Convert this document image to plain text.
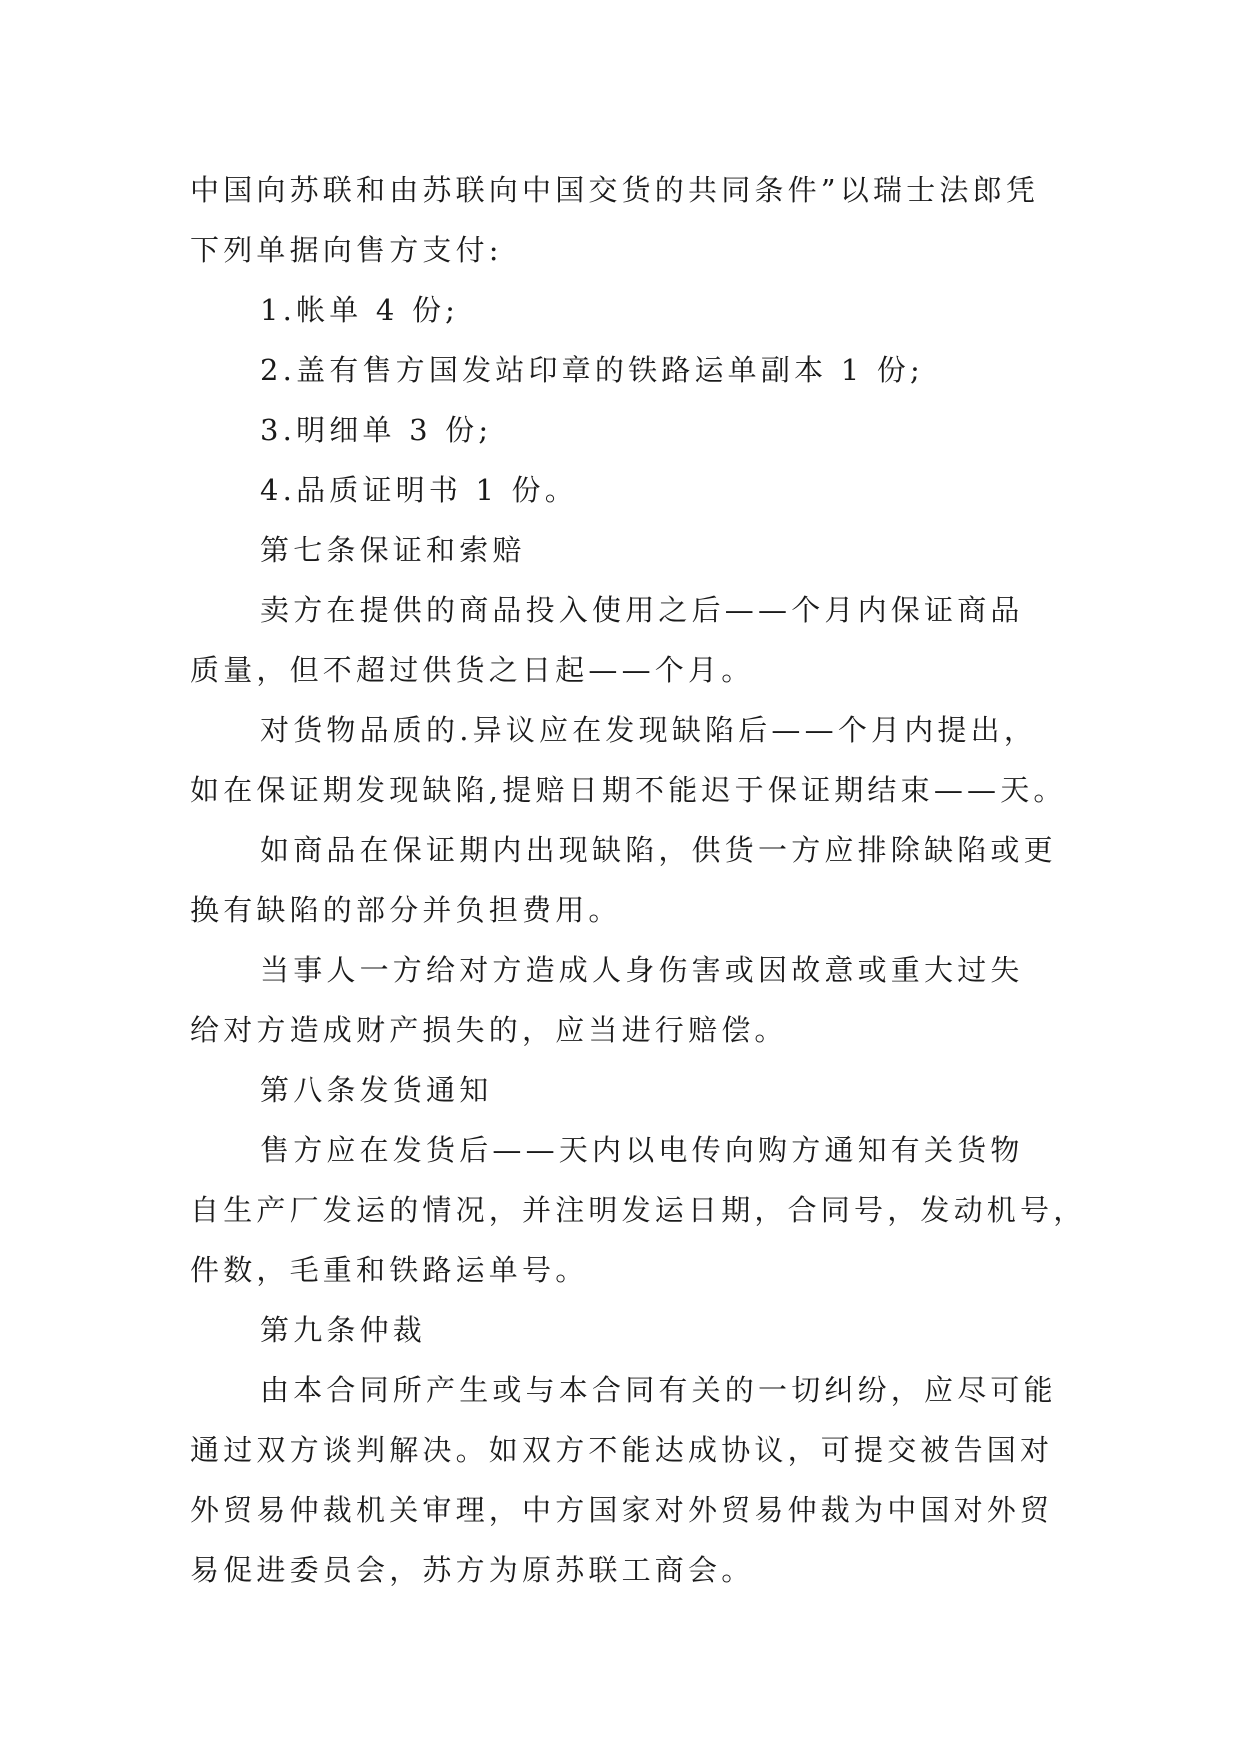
中国向苏联和由苏联向中国交货的共同条件”以瑞士法郎凭
下列单据向售方支付:
1.帐单 4 份;
2.盖有售方国发站印章的铁路运单副本 1 份;
3.明细单 3 份;
4.品质证明书 1 份。
第七条保证和索赔
卖方在提供的商品投入使用之后——个月内保证商品
质量，但不超过供货之日起——个月。
对货物品质的.异议应在发现缺陷后——个月内提出，
如在保证期发现缺陷,提赔日期不能迟于保证期结束——天。
如商品在保证期内出现缺陷，供货一方应排除缺陷或更
换有缺陷的部分并负担费用。
当事人一方给对方造成人身伤害或因故意或重大过失
给对方造成财产损失的，应当进行赔偿。
第八条发货通知
售方应在发货后——天内以电传向购方通知有关货物
自生产厂发运的情况，并注明发运日期，合同号，发动机号，
件数，毛重和铁路运单号。
第九条仲裁
由本合同所产生或与本合同有关的一切纠纷，应尽可能
通过双方谈判解决。如双方不能达成协议，可提交被告国对
外贸易仲裁机关审理，中方国家对外贸易仲裁为中国对外贸
易促进委员会，苏方为原苏联工商会。
